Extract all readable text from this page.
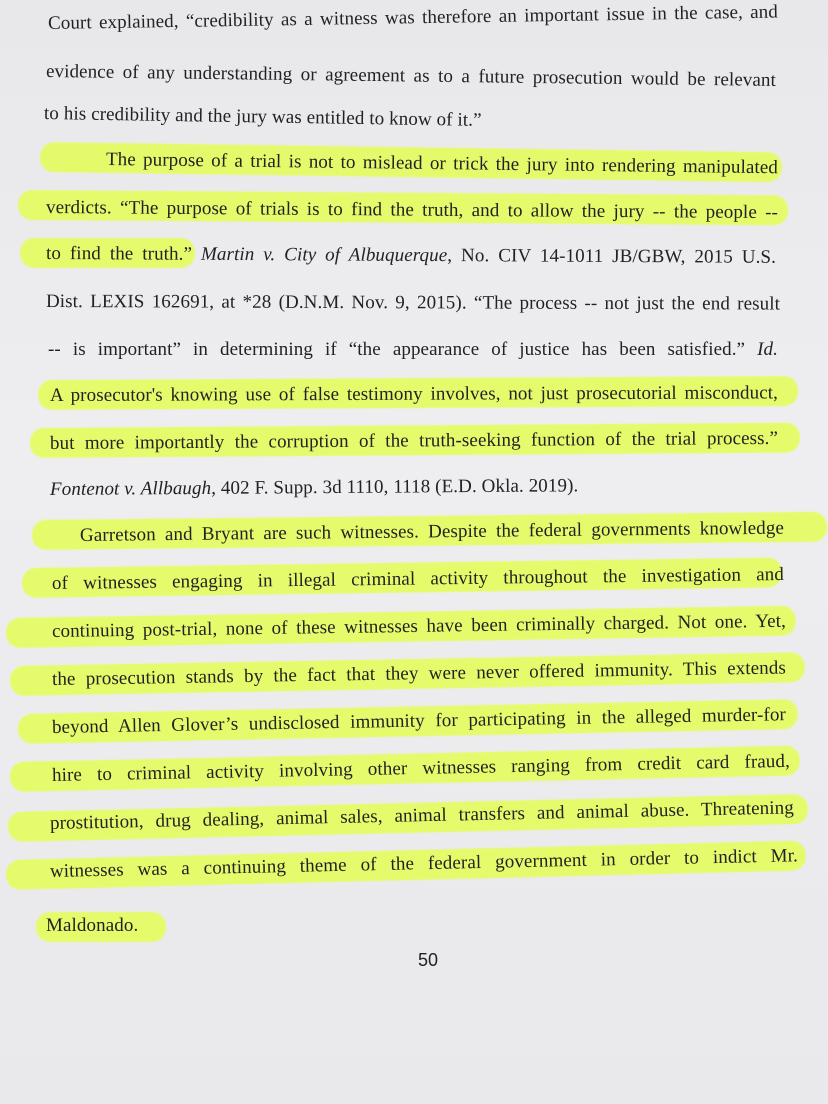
Court explained, “credibility as a witness was therefore an important issue in the case, and
evidence of any understanding or agreement as to a future prosecution would be relevant
to his credibility and the jury was entitled to know of it.”
The purpose of a trial is not to mislead or trick the jury into rendering manipulated
verdicts. “The purpose of trials is to find the truth, and to allow the jury -- the people --
to find the truth.” Martin v. City of Albuquerque, No. CIV 14-1011 JB/GBW, 2015 U.S.
Dist. LEXIS 162691, at *28 (D.N.M. Nov. 9, 2015). “The process -- not just the end result
-- is important” in determining if “the appearance of justice has been satisfied.” Id.
A prosecutor's knowing use of false testimony involves, not just prosecutorial misconduct,
but more importantly the corruption of the truth-seeking function of the trial process.”
Fontenot v. Allbaugh, 402 F. Supp. 3d 1110, 1118 (E.D. Okla. 2019).
Garretson and Bryant are such witnesses. Despite the federal governments knowledge
of witnesses engaging in illegal criminal activity throughout the investigation and
continuing post-trial, none of these witnesses have been criminally charged. Not one. Yet,
the prosecution stands by the fact that they were never offered immunity. This extends
beyond Allen Glover’s undisclosed immunity for participating in the alleged murder-for
hire to criminal activity involving other witnesses ranging from credit card fraud,
prostitution, drug dealing, animal sales, animal transfers and animal abuse. Threatening
witnesses was a continuing theme of the federal government in order to indict Mr.
Maldonado.
50
